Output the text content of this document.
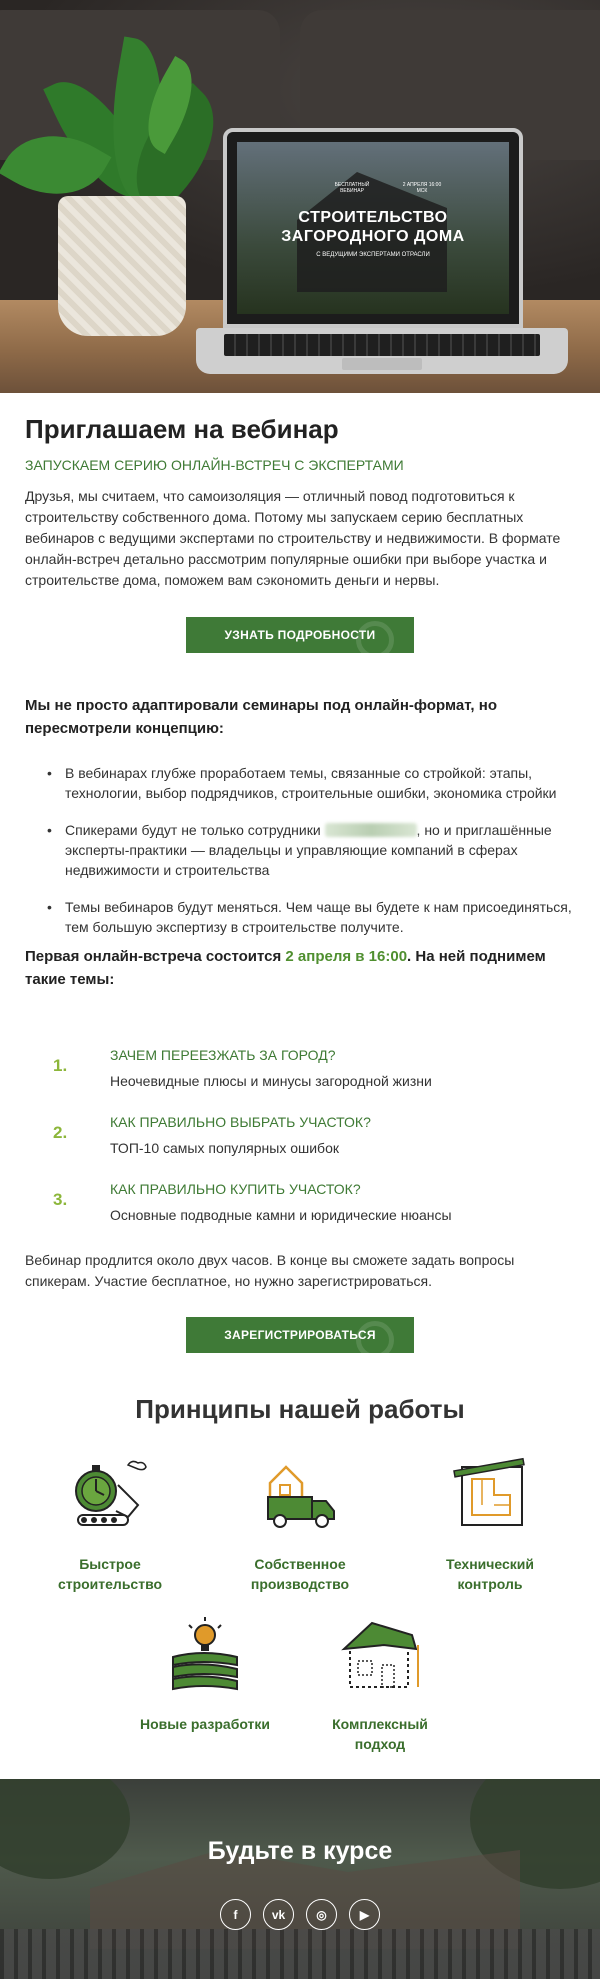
БЕСПЛАТНЫЙ ВЕБИНАР
2 АПРЕЛЯ 16:00 МСК
СТРОИТЕЛЬСТВО
ЗАГОРОДНОГО ДОМА
С ВЕДУЩИМИ ЭКСПЕРТАМИ ОТРАСЛИ
Приглашаем на вебинар
ЗАПУСКАЕМ СЕРИЮ ОНЛАЙН-ВСТРЕЧ С ЭКСПЕРТАМИ
Друзья, мы считаем, что самоизоляция — отличный повод подготовиться к строительству собственного дома. Потому мы запускаем серию бесплатных вебинаров с ведущими экспертами по строительству и недвижимости. В формате онлайн-встреч детально рассмотрим популярные ошибки при выборе участка и строительстве дома, поможем вам сэкономить деньги и нервы.
УЗНАТЬ ПОДРОБНОСТИ
Мы не просто адаптировали семинары под онлайн-формат, но пересмотрели концепцию:
• В вебинарах глубже проработаем темы, связанные со стройкой: этапы, технологии, выбор подрядчиков, строительные ошибки, экономика стройки
• Спикерами будут не только сотрудники	, но и приглашённые эксперты-практики — владельцы и управляющие компаний в сферах недвижимости и строительства
• Темы вебинаров будут меняться. Чем чаще вы будете к нам присоединяться, тем большую экспертизу в строительстве получите.
Первая онлайн-встреча состоится 2 апреля в 16:00. На ней поднимем такие темы:
1.
ЗАЧЕМ ПЕРЕЕЗЖАТЬ ЗА ГОРОД?
Неочевидные плюсы и минусы загородной жизни
2.
КАК ПРАВИЛЬНО ВЫБРАТЬ УЧАСТОК?
ТОП-10 самых популярных ошибок
3.
КАК ПРАВИЛЬНО КУПИТЬ УЧАСТОК?
Основные подводные камни и юридические нюансы
Вебинар продлится около двух часов. В конце вы сможете задать вопросы спикерам. Участие бесплатное, но нужно зарегистрироваться.
ЗАРЕГИСТРИРОВАТЬСЯ
Принципы нашей работы
Быстрое
строительство
Собственное
производство
Технический
контроль
Новые разработки	Комплексный подход
Будьте в курсе
f	vk	◎	▶
